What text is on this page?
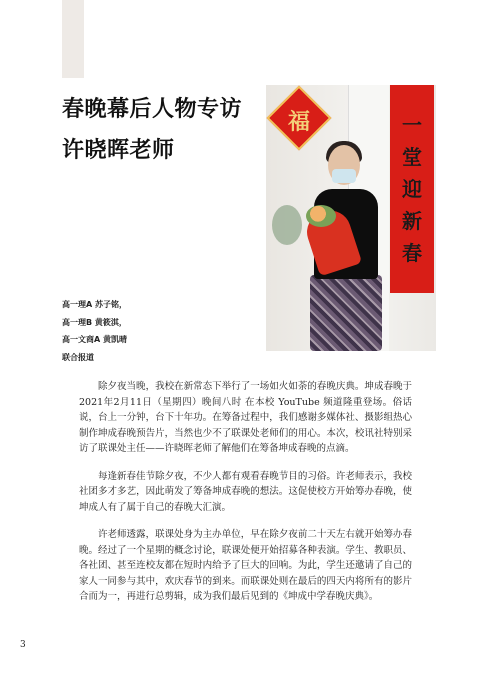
春晚幕后人物专访
许晓晖老师
福	一
堂
迎
新
春
高一理A 苏子铭，
高一理B 黄筱淇，
高一文商A 黄凯晴
联合报道

除夕夜当晚，我校在新常态下举行了一场如火如荼的春晚庆典。坤成春晚于2021年2月11日（星期四）晚间八时 在本校 YouTube 频道隆重登场。俗话说，台上一分钟，台下十年功。在筹备过程中，我们感谢多媒体社、摄影组热心制作坤成春晚预告片，当然也少不了联课处老师们的用心。本次，校讯社特别采访了联课处主任——许晓晖老师了解他们在筹备坤成春晚的点滴。

每逢新春佳节除夕夜，不少人都有观看春晚节目的习俗。许老师表示，我校社团多才多艺，因此萌发了筹备坤成春晚的想法。这促使校方开始筹办春晚，使坤成人有了属于自己的春晚大汇演。

许老师透露，联课处身为主办单位，早在除夕夜前二十天左右就开始筹办春晚。经过了一个星期的概念讨论，联课处便开始招募各种表演。学生、教职员、各社团、甚至连校友都在短时内给予了巨大的回响。为此，学生还邀请了自己的家人一同参与其中，欢庆春节的到来。而联课处则在最后的四天内将所有的影片合而为一，再进行总剪辑，成为我们最后见到的《坤成中学春晚庆典》。

3
